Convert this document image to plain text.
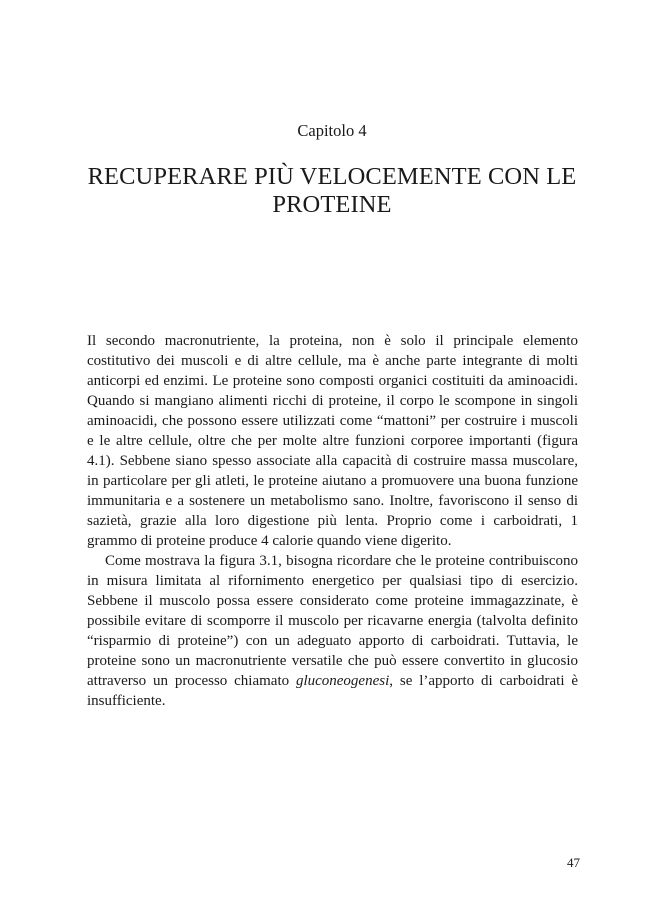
Capitolo 4
RECUPERARE PIÙ VELOCEMENTE CON LE PROTEINE

Il secondo macronutriente, la proteina, non è solo il principale elemento costitutivo dei muscoli e di altre cellule, ma è anche parte integrante di molti anticorpi ed enzimi. Le proteine sono composti organici costituiti da aminoacidi. Quando si mangiano alimenti ricchi di proteine, il corpo le scompone in singoli aminoacidi, che possono essere utilizzati come “mattoni” per costruire i muscoli e le altre cellule, oltre che per molte altre funzioni corporee importanti (figura 4.1). Sebbene siano spesso associate alla capacità di costruire massa muscolare, in particolare per gli atleti, le proteine aiutano a promuovere una buona funzione immunitaria e a sostenere un metabolismo sano. Inoltre, favoriscono il senso di sazietà, grazie alla loro digestione più lenta. Proprio come i carboidrati, 1 grammo di proteine produce 4 calorie quando viene digerito.

Come mostrava la figura 3.1, bisogna ricordare che le proteine contribuiscono in misura limitata al rifornimento energetico per qualsiasi tipo di esercizio. Sebbene il muscolo possa essere considerato come proteine immagazzinate, è possibile evitare di scomporre il muscolo per ricavarne energia (talvolta definito “risparmio di proteine”) con un adeguato apporto di carboidrati. Tuttavia, le proteine sono un macronutriente versatile che può essere convertito in glucosio attraverso un processo chiamato gluconeogenesi, se l’apporto di carboidrati è insufficiente.

47
